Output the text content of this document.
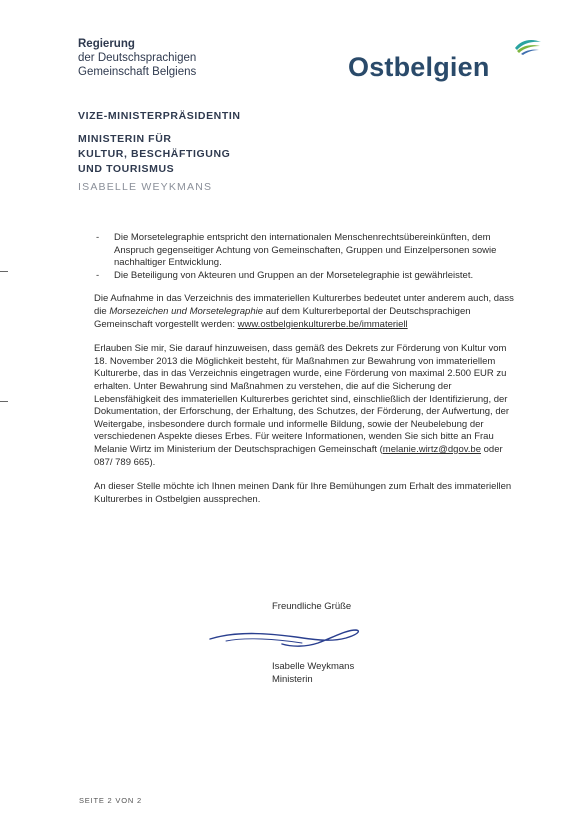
Regierung
der Deutschsprachigen
Gemeinschaft Belgiens	Ostbelgien
VIZE-MINISTERPRÄSIDENTIN
MINISTERIN FÜR
KULTUR, BESCHÄFTIGUNG
UND TOURISMUS
ISABELLE WEYKMANS
- Die Morsetelegraphie entspricht den internationalen Menschenrechtsübereinkünften, dem Anspruch gegenseitiger Achtung von Gemeinschaften, Gruppen und Einzelpersonen sowie nachhaltiger Entwicklung.
- Die Beteiligung von Akteuren und Gruppen an der Morsetelegraphie ist gewährleistet.

Die Aufnahme in das Verzeichnis des immateriellen Kulturerbes bedeutet unter anderem auch, dass die Morsezeichen und Morsetelegraphie auf dem Kulturerbeportal der Deutschsprachigen Gemeinschaft vorgestellt werden: www.ostbelgienkulturerbe.be/immateriell

Erlauben Sie mir, Sie darauf hinzuweisen, dass gemäß des Dekrets zur Förderung von Kultur vom 18. November 2013 die Möglichkeit besteht, für Maßnahmen zur Bewahrung von immateriellem Kulturerbe, das in das Verzeichnis eingetragen wurde, eine Förderung von maximal 2.500 EUR zu erhalten. Unter Bewahrung sind Maßnahmen zu verstehen, die auf die Sicherung der Lebensfähigkeit des immateriellen Kulturerbes gerichtet sind, einschließlich der Identifizierung, der Dokumentation, der Erforschung, der Erhaltung, des Schutzes, der Förderung, der Aufwertung, der Weitergabe, insbesondere durch formale und informelle Bildung, sowie der Neubelebung der verschiedenen Aspekte dieses Erbes. Für weitere Informationen, wenden Sie sich bitte an Frau Melanie Wirtz im Ministerium der Deutschsprachigen Gemeinschaft (melanie.wirtz@dgov.be oder 087/ 789 665).

An dieser Stelle möchte ich Ihnen meinen Dank für Ihre Bemühungen zum Erhalt des immateriellen Kulturerbes in Ostbelgien aussprechen.

Freundliche Grüße
Isabelle Weykmans
Ministerin
SEITE 2 VON 2
